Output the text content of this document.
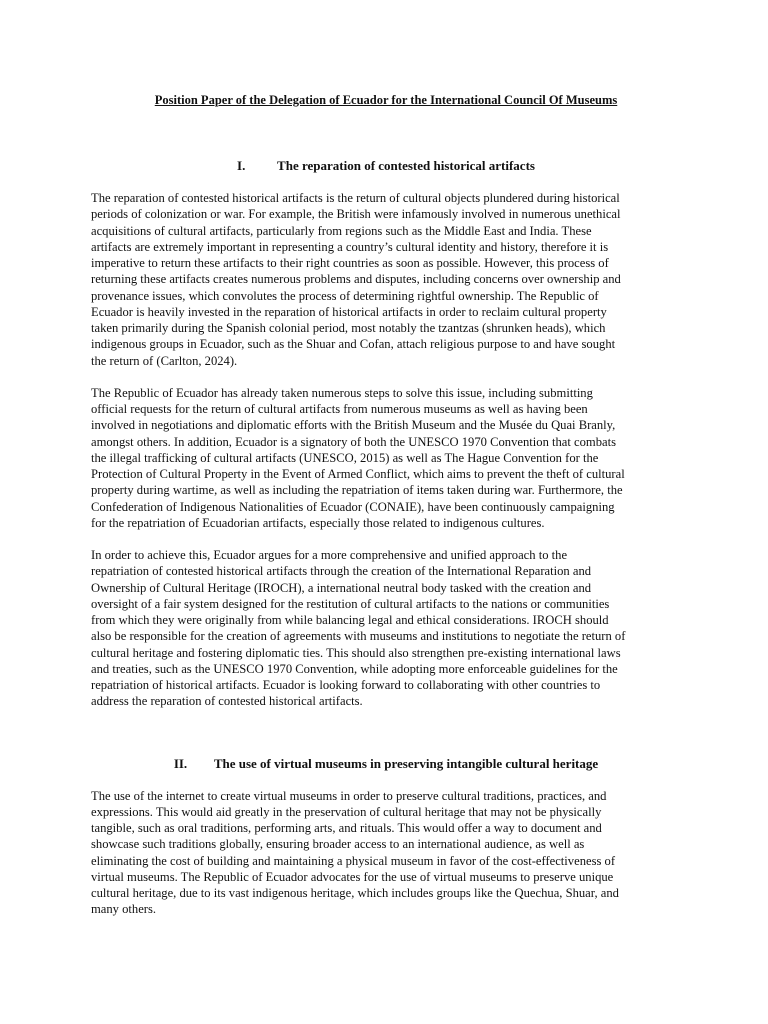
Position Paper of the Delegation of Ecuador for the International Council Of Museums

I. The reparation of contested historical artifacts

The reparation of contested historical artifacts is the return of cultural objects plundered during historical
periods of colonization or war. For example, the British were infamously involved in numerous unethical
acquisitions of cultural artifacts, particularly from regions such as the Middle East and India. These
artifacts are extremely important in representing a country’s cultural identity and history, therefore it is
imperative to return these artifacts to their right countries as soon as possible. However, this process of
returning these artifacts creates numerous problems and disputes, including concerns over ownership and
provenance issues, which convolutes the process of determining rightful ownership. The Republic of
Ecuador is heavily invested in the reparation of historical artifacts in order to reclaim cultural property
taken primarily during the Spanish colonial period, most notably the tzantzas (shrunken heads), which
indigenous groups in Ecuador, such as the Shuar and Cofan, attach religious purpose to and have sought
the return of (Carlton, 2024).
The Republic of Ecuador has already taken numerous steps to solve this issue, including submitting
official requests for the return of cultural artifacts from numerous museums as well as having been
involved in negotiations and diplomatic efforts with the British Museum and the Musée du Quai Branly,
amongst others. In addition, Ecuador is a signatory of both the UNESCO 1970 Convention that combats
the illegal trafficking of cultural artifacts (UNESCO, 2015) as well as The Hague Convention for the
Protection of Cultural Property in the Event of Armed Conflict, which aims to prevent the theft of cultural
property during wartime, as well as including the repatriation of items taken during war. Furthermore, the
Confederation of Indigenous Nationalities of Ecuador (CONAIE), have been continuously campaigning
for the repatriation of Ecuadorian artifacts, especially those related to indigenous cultures.
In order to achieve this, Ecuador argues for a more comprehensive and unified approach to the
repatriation of contested historical artifacts through the creation of the International Reparation and
Ownership of Cultural Heritage (IROCH), a international neutral body tasked with the creation and
oversight of a fair system designed for the restitution of cultural artifacts to the nations or communities
from which they were originally from while balancing legal and ethical considerations. IROCH should
also be responsible for the creation of agreements with museums and institutions to negotiate the return of
cultural heritage and fostering diplomatic ties. This should also strengthen pre-existing international laws
and treaties, such as the UNESCO 1970 Convention, while adopting more enforceable guidelines for the
repatriation of historical artifacts. Ecuador is looking forward to collaborating with other countries to
address the reparation of contested historical artifacts.

II. The use of virtual museums in preserving intangible cultural heritage

The use of the internet to create virtual museums in order to preserve cultural traditions, practices, and
expressions. This would aid greatly in the preservation of cultural heritage that may not be physically
tangible, such as oral traditions, performing arts, and rituals. This would offer a way to document and
showcase such traditions globally, ensuring broader access to an international audience, as well as
eliminating the cost of building and maintaining a physical museum in favor of the cost-effectiveness of
virtual museums. The Republic of Ecuador advocates for the use of virtual museums to preserve unique
cultural heritage, due to its vast indigenous heritage, which includes groups like the Quechua, Shuar, and
many others.
